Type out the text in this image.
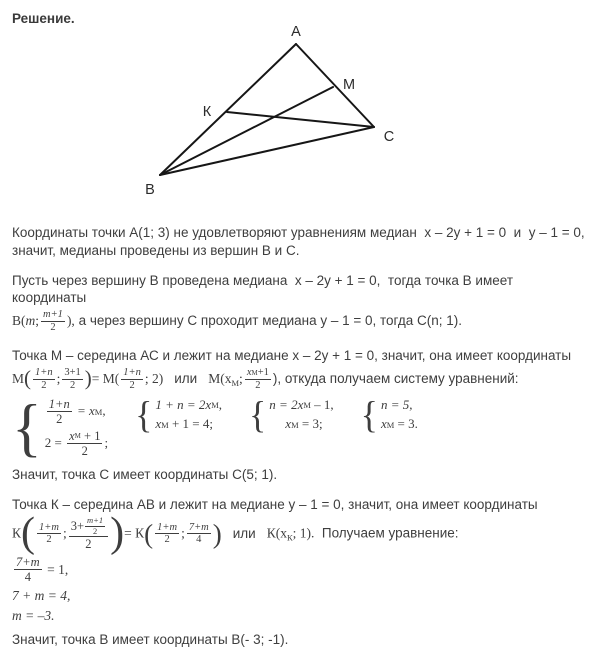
Решение.
A
В
С
К
М

Координаты точки А(1; 3) не удовлетворяют уравнениям медиан  x – 2y + 1 = 0  и  y – 1 = 0, значит, медианы проведены из вершин В и С.

Пусть через вершину В проведена медиана  x – 2y + 1 = 0,  тогда точка В имеет координаты
В(m; $\frac{m+1}{2}$ ), а через вершину С проходит медиана y – 1 = 0, тогда С(n; 1).

Точка М – середина АС и лежит на медиане x – 2y + 1 = 0, значит, она имеет координаты
$М( \frac{1+n}{2}$ ; $\frac{3+1}{2}$ )= $М( \frac{1+n}{2}$ ; 2) или $М(x_М$; $\frac{\text{x М +1}}{2}$ ), откуда получаем систему уравнений:
{ $\frac{1+n}{2} = x$ М ,
$2 = \frac{\text{x М + 1}}{2}$ ;
{ 1 + n = 2x М ,
x М + 1 = 4; { n = 2x М – 1,
x М = 3; { n = 5,
x М = 3.
Значит, точка С имеет координаты С(5; 1).

Точка К – середина АВ и лежит на медиане y – 1 = 0, значит, она имеет координаты
$К( \frac{1+m}{2}$ ; $\frac{3+ \frac{m+1}{2}}{2}$ )= $К( \frac{1+m}{2}$ ; $\frac{7+m}{4}$ ) или $К(x_К$; 1).  Получаем уравнение:
$\frac{7+m}{4} = 1$,
7 + m = 4,
m = –3.
Значит, точка В имеет координаты В(- 3; -1).
